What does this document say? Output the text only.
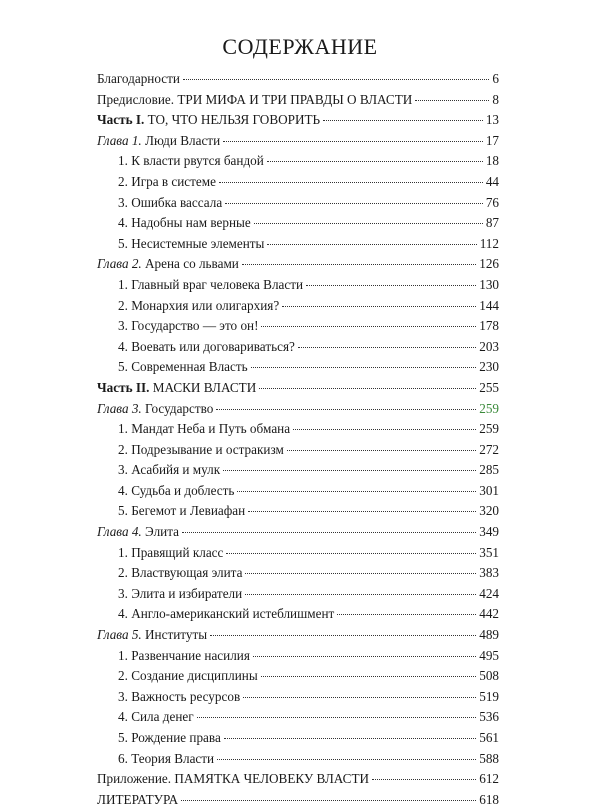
СОДЕРЖАНИЕ
Благодарности	6
Предисловие. ТРИ МИФА И ТРИ ПРАВДЫ О ВЛАСТИ	8
Часть I. ТО, ЧТО НЕЛЬЗЯ ГОВОРИТЬ	13
Глава 1. Люди Власти	17
1. К власти рвутся бандой	18
2. Игра в системе	44
3. Ошибка вассала	76
4. Надобны нам верные	87
5. Несистемные элементы	112
Глава 2. Арена со львами	126
1. Главный враг человека Власти	130
2. Монархия или олигархия?	144
3. Государство — это он!	178
4. Воевать или договариваться?	203
5. Современная Власть	230
Часть II. МАСКИ ВЛАСТИ	255
Глава 3. Государство	259
1. Мандат Неба и Путь обмана	259
2. Подрезывание и остракизм	272
3. Асабийя и мулк	285
4. Судьба и доблесть	301
5. Бегемот и Левиафан	320
Глава 4. Элита	349
1. Правящий класс	351
2. Властвующая элита	383
3. Элита и избиратели	424
4. Англо-американский истеблишмент	442
Глава 5. Институты	489
1. Развенчание насилия	495
2. Создание дисциплины	508
3. Важность ресурсов	519
4. Сила денег	536
5. Рождение права	561
6. Теория Власти	588
Приложение. ПАМЯТКА ЧЕЛОВЕКУ ВЛАСТИ	612
ЛИТЕРАТУРА	618
